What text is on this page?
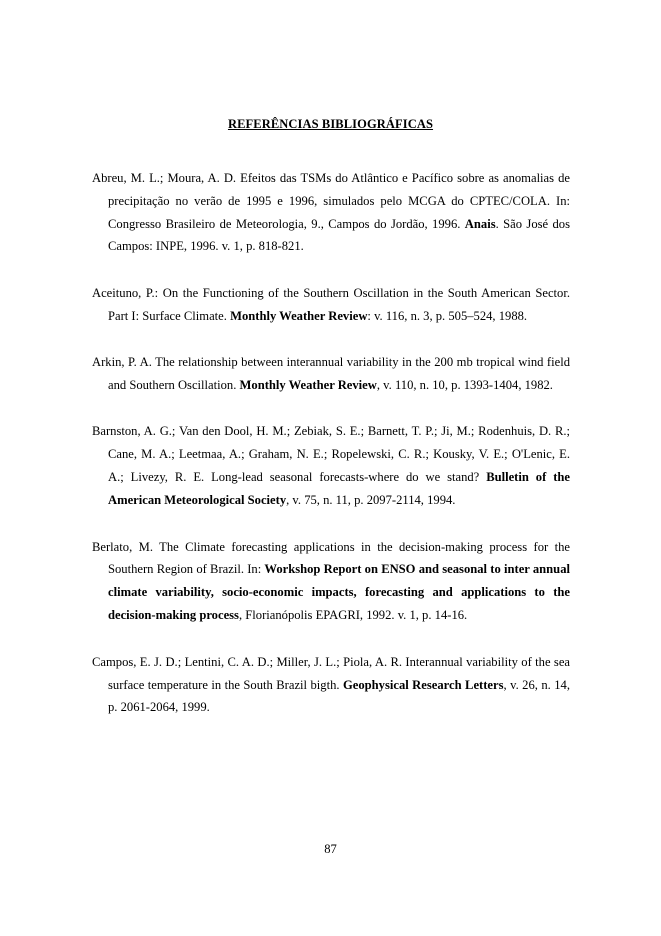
REFERÊNCIAS BIBLIOGRÁFICAS

Abreu, M. L.; Moura, A. D. Efeitos das TSMs do Atlântico e Pacífico sobre as anomalias de precipitação no verão de 1995 e 1996, simulados pelo MCGA do CPTEC/COLA. In: Congresso Brasileiro de Meteorologia, 9., Campos do Jordão, 1996. Anais. São José dos Campos: INPE, 1996. v. 1, p. 818-821.

Aceituno, P.: On the Functioning of the Southern Oscillation in the South American Sector. Part I: Surface Climate. Monthly Weather Review: v. 116, n. 3, p. 505–524, 1988.

Arkin, P. A. The relationship between interannual variability in the 200 mb tropical wind field and Southern Oscillation. Monthly Weather Review, v. 110, n. 10, p. 1393-1404, 1982.

Barnston, A. G.; Van den Dool, H. M.; Zebiak, S. E.; Barnett, T. P.; Ji, M.; Rodenhuis, D. R.; Cane, M. A.; Leetmaa, A.; Graham, N. E.; Ropelewski, C. R.; Kousky, V. E.; O'Lenic, E. A.; Livezy, R. E. Long-lead seasonal forecasts-where do we stand? Bulletin of the American Meteorological Society, v. 75, n. 11, p. 2097-2114, 1994.

Berlato, M. The Climate forecasting applications in the decision-making process for the Southern Region of Brazil. In: Workshop Report on ENSO and seasonal to inter annual climate variability, socio-economic impacts, forecasting and applications to the decision-making process, Florianópolis EPAGRI, 1992. v. 1, p. 14-16.

Campos, E. J. D.; Lentini, C. A. D.; Miller, J. L.; Piola, A. R. Interannual variability of the sea surface temperature in the South Brazil bigth. Geophysical Research Letters, v. 26, n. 14, p. 2061-2064, 1999.

87
